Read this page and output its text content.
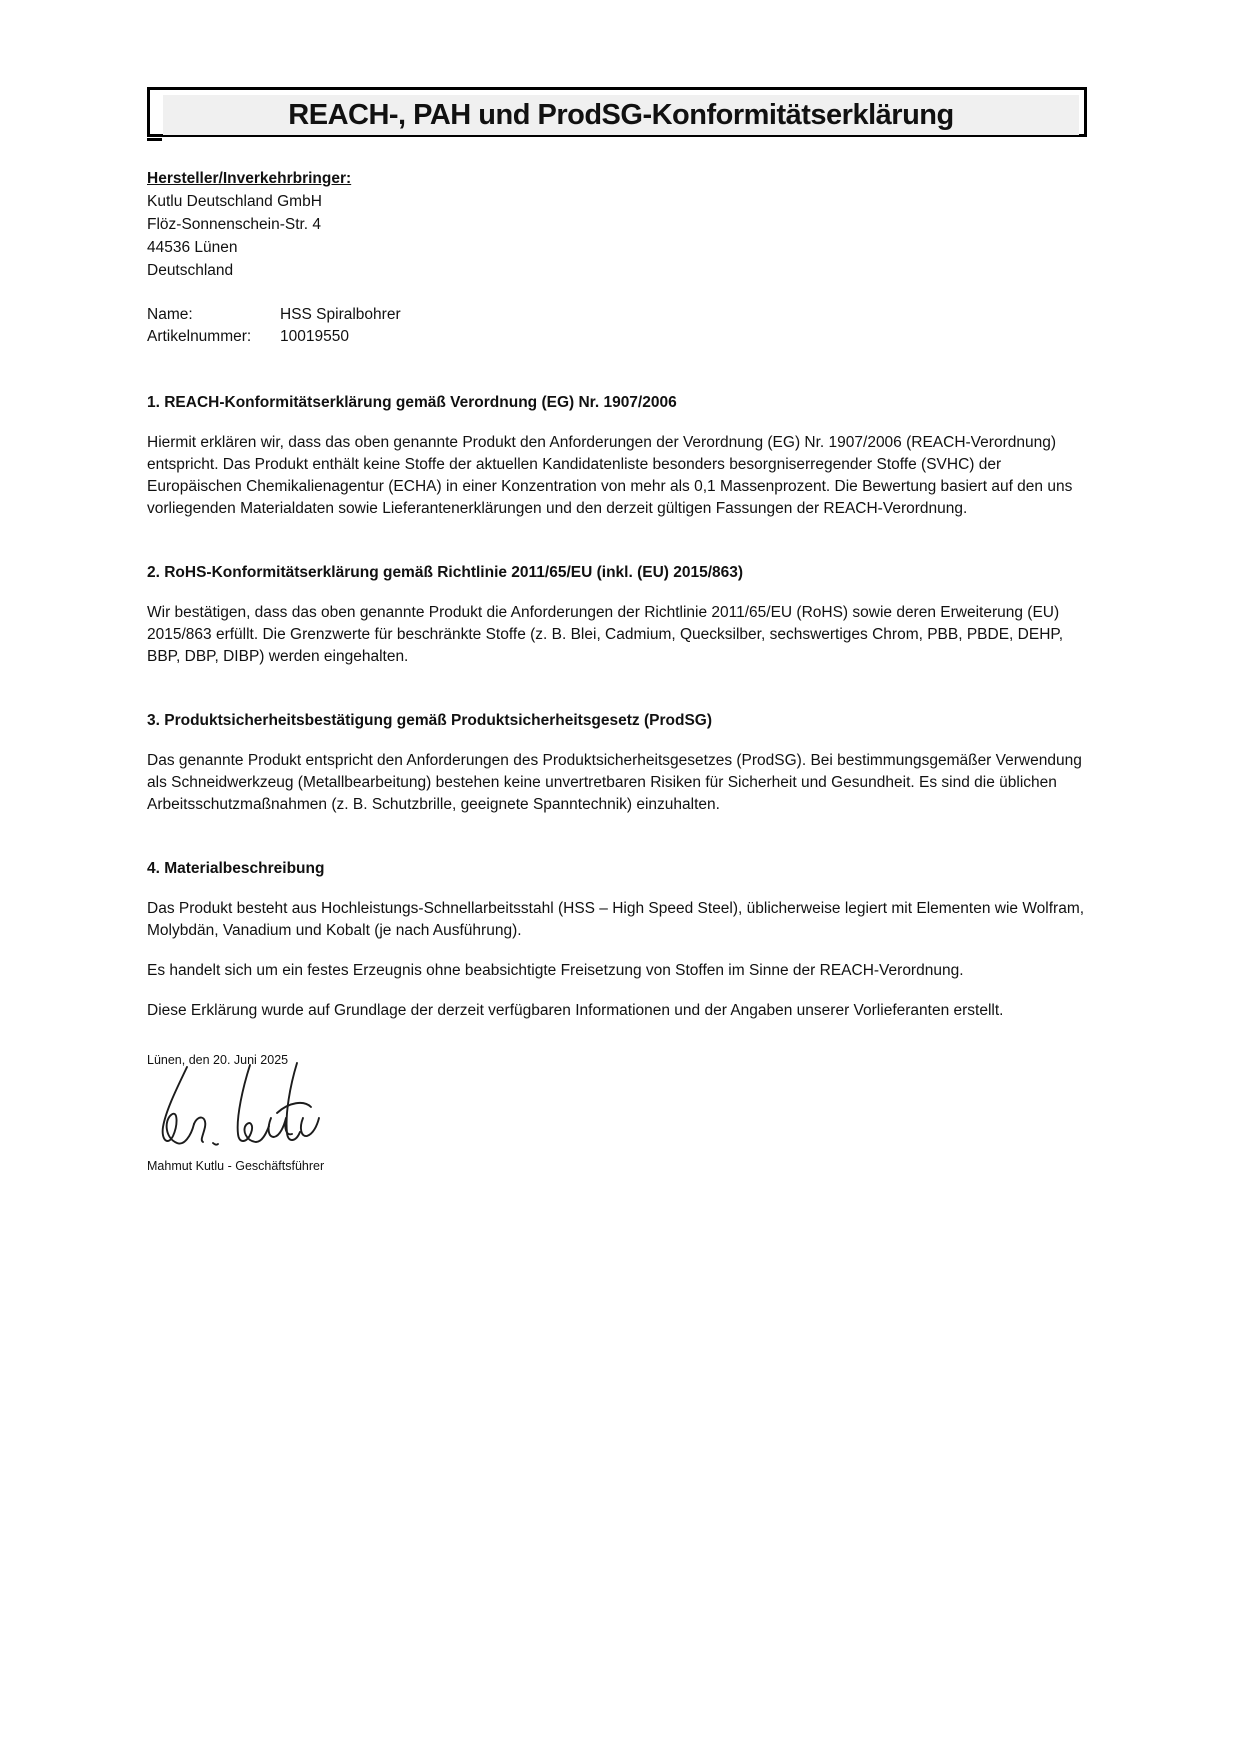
REACH-, PAH und ProdSG-Konformitätserklärung
Hersteller/Inverkehrbringer:
Kutlu Deutschland GmbH
Flöz-Sonnenschein-Str. 4
44536 Lünen
Deutschland
Name:	HSS Spiralbohrer
Artikelnummer:	10019550
1. REACH-Konformitätserklärung gemäß Verordnung (EG) Nr. 1907/2006

Hiermit erklären wir, dass das oben genannte Produkt den Anforderungen der Verordnung (EG) Nr. 1907/2006 (REACH-Verordnung) entspricht. Das Produkt enthält keine Stoffe der aktuellen Kandidatenliste besonders besorgniserregender Stoffe (SVHC) der Europäischen Chemikalienagentur (ECHA) in einer Konzentration von mehr als 0,1 Massenprozent. Die Bewertung basiert auf den uns vorliegenden Materialdaten sowie Lieferantenerklärungen und den derzeit gültigen Fassungen der REACH-Verordnung.

2. RoHS-Konformitätserklärung gemäß Richtlinie 2011/65/EU (inkl. (EU) 2015/863)

Wir bestätigen, dass das oben genannte Produkt die Anforderungen der Richtlinie 2011/65/EU (RoHS) sowie deren Erweiterung (EU) 2015/863 erfüllt. Die Grenzwerte für beschränkte Stoffe (z. B. Blei, Cadmium, Quecksilber, sechswertiges Chrom, PBB, PBDE, DEHP, BBP, DBP, DIBP) werden eingehalten.

3. Produktsicherheitsbestätigung gemäß Produktsicherheitsgesetz (ProdSG)

Das genannte Produkt entspricht den Anforderungen des Produktsicherheitsgesetzes (ProdSG). Bei bestimmungsgemäßer Verwendung als Schneidwerkzeug (Metallbearbeitung) bestehen keine unvertretbaren Risiken für Sicherheit und Gesundheit. Es sind die üblichen Arbeitsschutzmaßnahmen (z. B. Schutzbrille, geeignete Spanntechnik) einzuhalten.

4. Materialbeschreibung

Das Produkt besteht aus Hochleistungs-Schnellarbeitsstahl (HSS – High Speed Steel), üblicherweise legiert mit Elementen wie Wolfram, Molybdän, Vanadium und Kobalt (je nach Ausführung).

Es handelt sich um ein festes Erzeugnis ohne beabsichtigte Freisetzung von Stoffen im Sinne der REACH-Verordnung.

Diese Erklärung wurde auf Grundlage der derzeit verfügbaren Informationen und der Angaben unserer Vorlieferanten erstellt.

Lünen, den 20. Juni 2025
Mahmut Kutlu - Geschäftsführer
